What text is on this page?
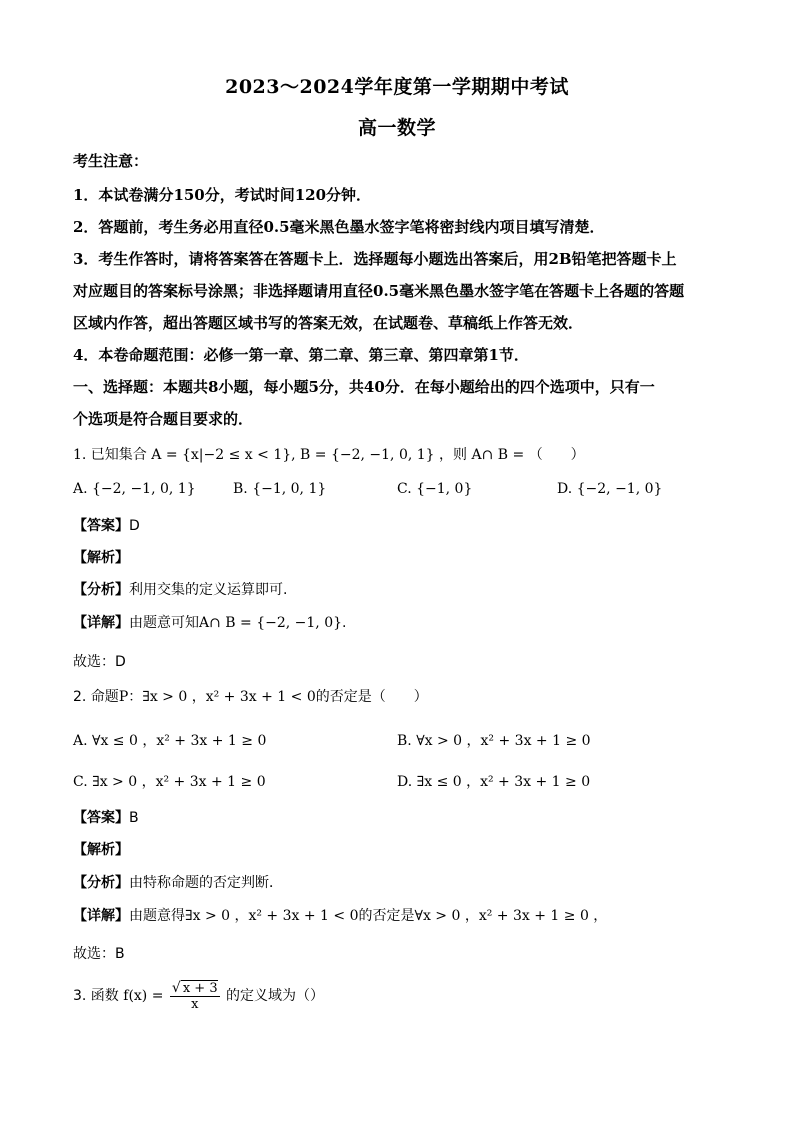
2023～2024学年度第一学期期中考试
高一数学
考生注意：
1．本试卷满分150分，考试时间120分钟．
2．答题前，考生务必用直径0.5毫米黑色墨水签字笔将密封线内项目填写清楚．
3．考生作答时，请将答案答在答题卡上．选择题每小题选出答案后，用2B铅笔把答题卡上
对应题目的答案标号涂黑；非选择题请用直径0.5毫米黑色墨水签字笔在答题卡上各题的答题
区域内作答，超出答题区域书写的答案无效，在试题卷、草稿纸上作答无效．
4．本卷命题范围：必修一第一章、第二章、第三章、第四章第1节．
一、选择题：本题共8小题，每小题5分，共40分．在每小题给出的四个选项中，只有一
个选项是符合题目要求的．
1. 已知集合 A = {x|−2 ≤ x < 1}, B = {−2, −1, 0, 1} ，则 A∩ B = （　　）
A. {−2, −1, 0, 1}	B. {−1, 0, 1}	C. {−1, 0}	D. {−2, −1, 0}
【答案】D
【解析】
【分析】利用交集的定义运算即可.
【详解】由题意可知A∩ B = {−2, −1, 0}.
故选：D
2. 命题P：∃x > 0 ，x² + 3x + 1 < 0的否定是（　　）
A. ∀x ≤ 0 ，x² + 3x + 1 ≥ 0	B. ∀x > 0 ，x² + 3x + 1 ≥ 0
C. ∃x > 0 ，x² + 3x + 1 ≥ 0	D. ∃x ≤ 0 ，x² + 3x + 1 ≥ 0
【答案】B
【解析】
【分析】由特称命题的否定判断．
【详解】由题意得∃x > 0 ，x² + 3x + 1 < 0的否定是∀x > 0 ，x² + 3x + 1 ≥ 0 ，
故选：B
3. 函数 $f(x) = \frac{√ x + 3}{x}$ 的定义域为（）
